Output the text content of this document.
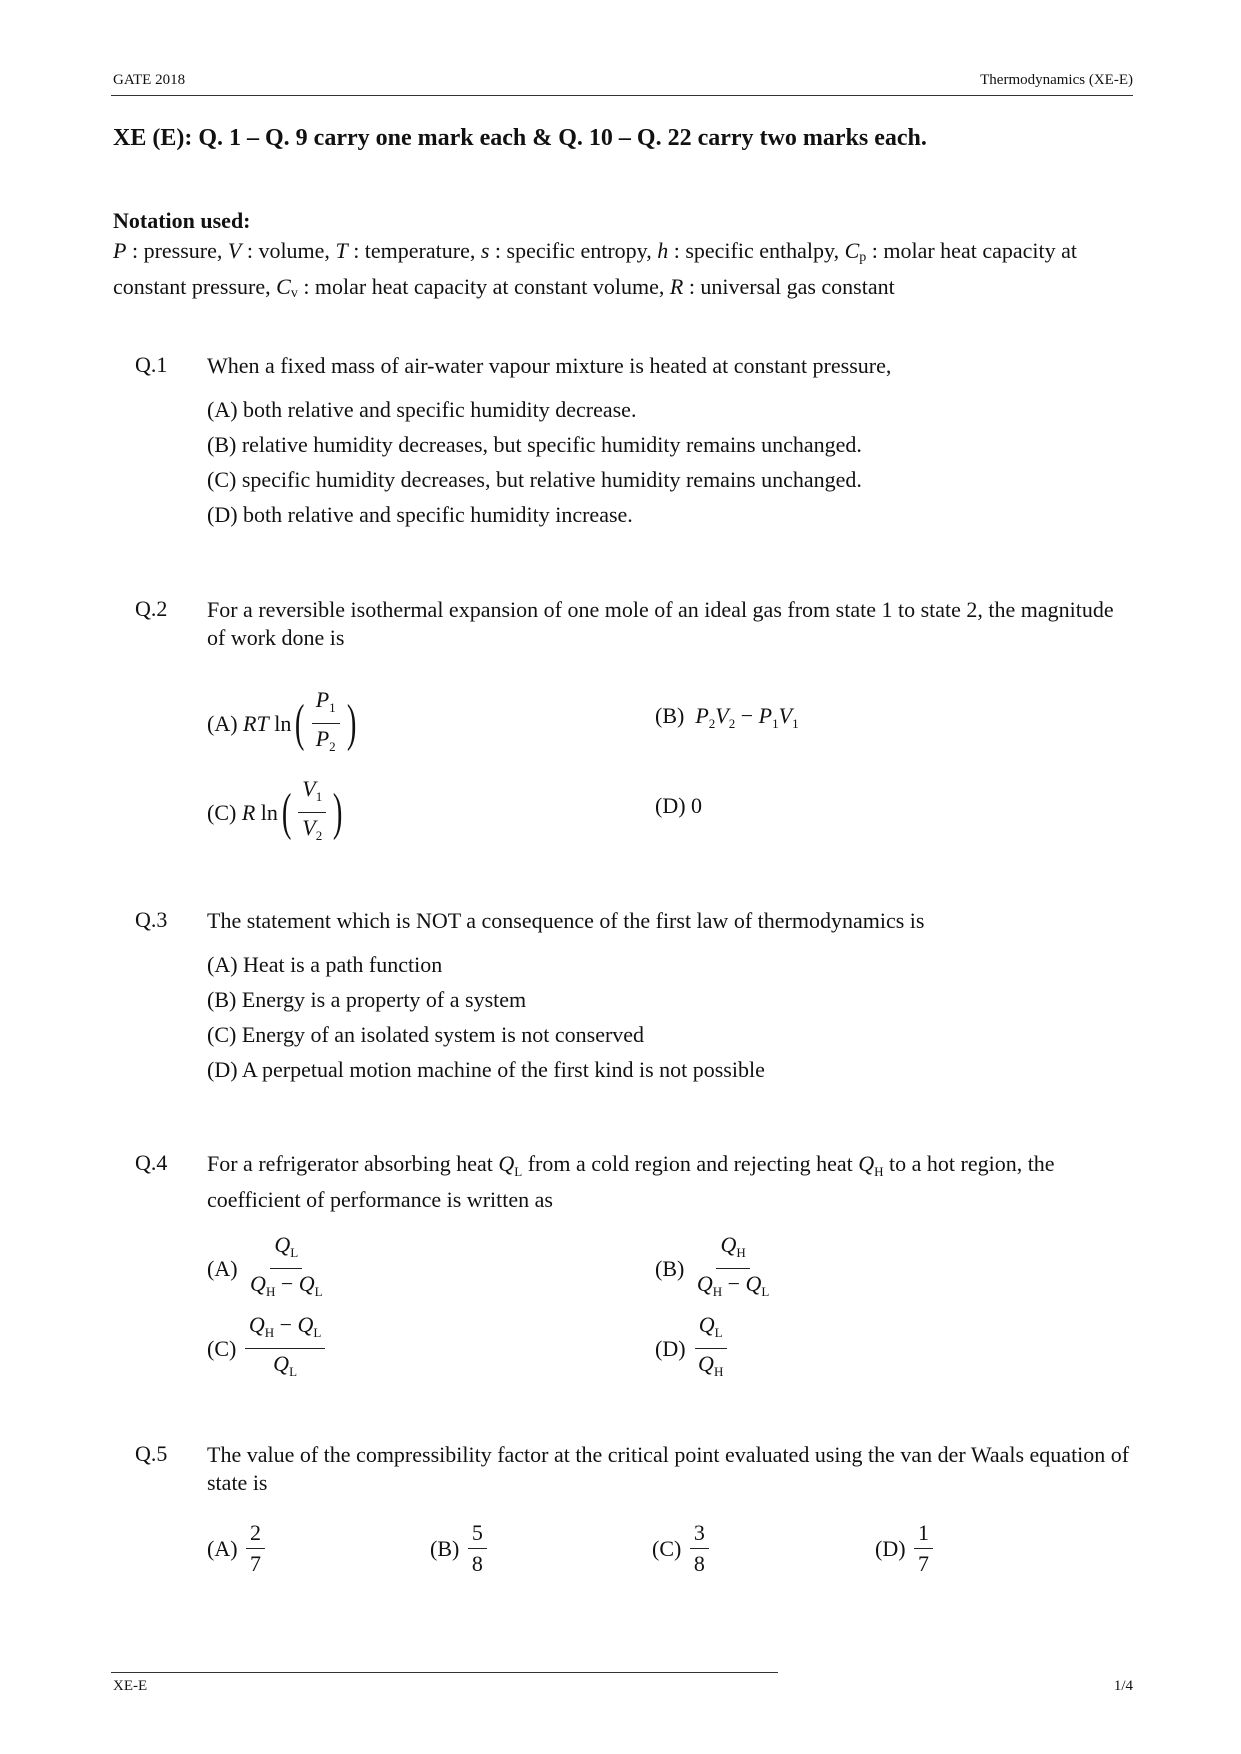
GATE 2018	Thermodynamics (XE-E)
XE (E): Q. 1 – Q. 9 carry one mark each & Q. 10 – Q. 22 carry two marks each.
Notation used:
P : pressure, V : volume, T : temperature, s : specific entropy, h : specific enthalpy, $C_p$ : molar heat capacity at constant pressure, $C_v$ : molar heat capacity at constant volume, R : universal gas constant
Q.1 When a fixed mass of air-water vapour mixture is heated at constant pressure,
(A) both relative and specific humidity decrease.
(B) relative humidity decreases, but specific humidity remains unchanged.
(C) specific humidity decreases, but relative humidity remains unchanged.
(D) both relative and specific humidity increase.
Q.2 For a reversible isothermal expansion of one mole of an ideal gas from state 1 to state 2, the magnitude of work done is
(A)
RT ln ( $\frac{P_1}{P_2}$ )	(B) $P_2V_2 - P_1V_1$
(C)
R ln ( $\frac{V_1}{V_2}$ )	(D) 0
Q.3 The statement which is NOT a consequence of the first law of thermodynamics is
(A) Heat is a path function
(B) Energy is a property of a system
(C) Energy of an isolated system is not conserved
(D) A perpetual motion machine of the first kind is not possible
Q.4 For a refrigerator absorbing heat $Q_L$ from a cold region and rejecting heat $Q_H$ to a hot region, the coefficient of performance is written as
(A)
$\frac{Q_L}{Q_H - Q_L}$	(B)
$\frac{Q_H}{Q_H - Q_L}$
(C)
$\frac{Q_H - Q_L}{Q_L}$	(D)
$\frac{Q_L}{Q_H}$
Q.5 The value of the compressibility factor at the critical point evaluated using the van der Waals equation of state is
(A)
$\frac{2}{7}$	(B)
$\frac{5}{8}$	(C)
$\frac{3}{8}$	(D)
$\frac{1}{7}$
XE-E	1/4
